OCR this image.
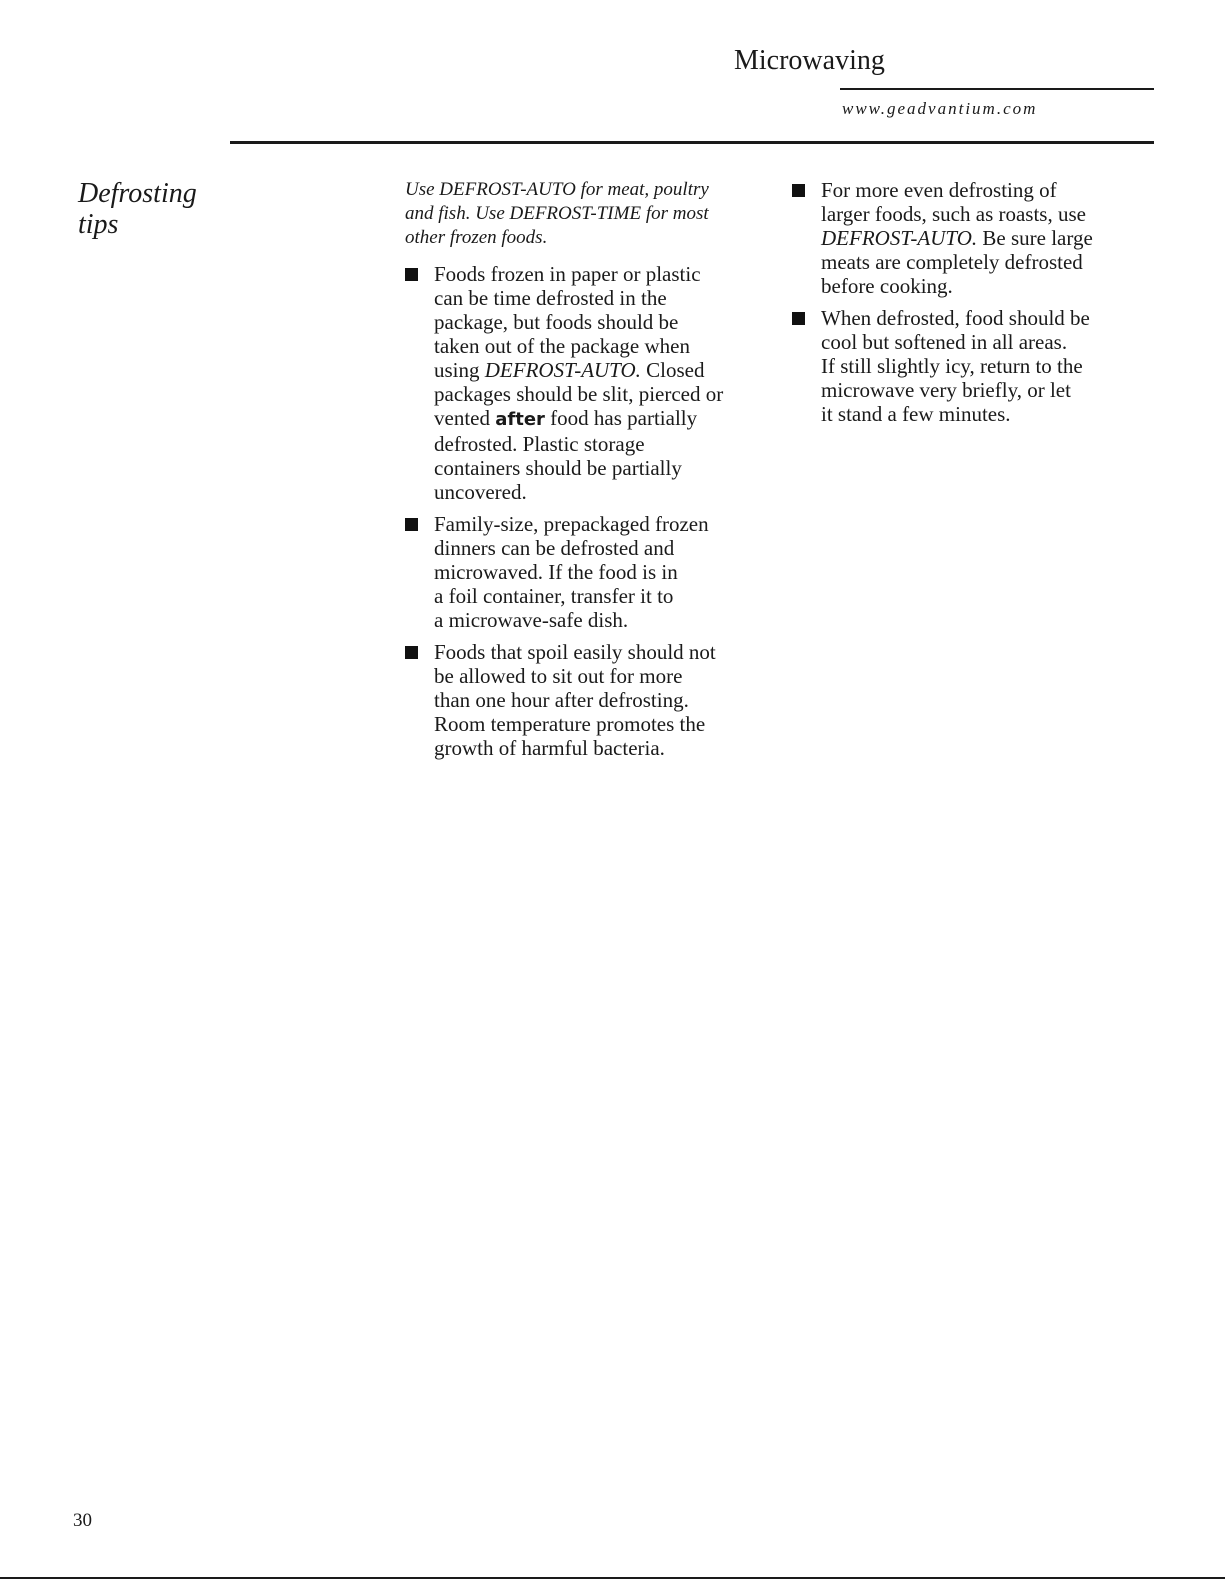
Microwaving
www.geadvantium.com
Defrosting
tips
Use DEFROST-AUTO for meat, poultry
and fish. Use DEFROST-TIME for most
other frozen foods.
Foods frozen in paper or plastic
can be time defrosted in the
package, but foods should be
taken out of the package when
using DEFROST-AUTO. Closed
packages should be slit, pierced or
vented after food has partially
defrosted. Plastic storage
containers should be partially
uncovered.
Family-size, prepackaged frozen
dinners can be defrosted and
microwaved. If the food is in
a foil container, transfer it to
a microwave-safe dish.
Foods that spoil easily should not
be allowed to sit out for more
than one hour after defrosting.
Room temperature promotes the
growth of harmful bacteria.
For more even defrosting of
larger foods, such as roasts, use
DEFROST-AUTO. Be sure large
meats are completely defrosted
before cooking.
When defrosted, food should be
cool but softened in all areas.
If still slightly icy, return to the
microwave very briefly, or let
it stand a few minutes.
30
